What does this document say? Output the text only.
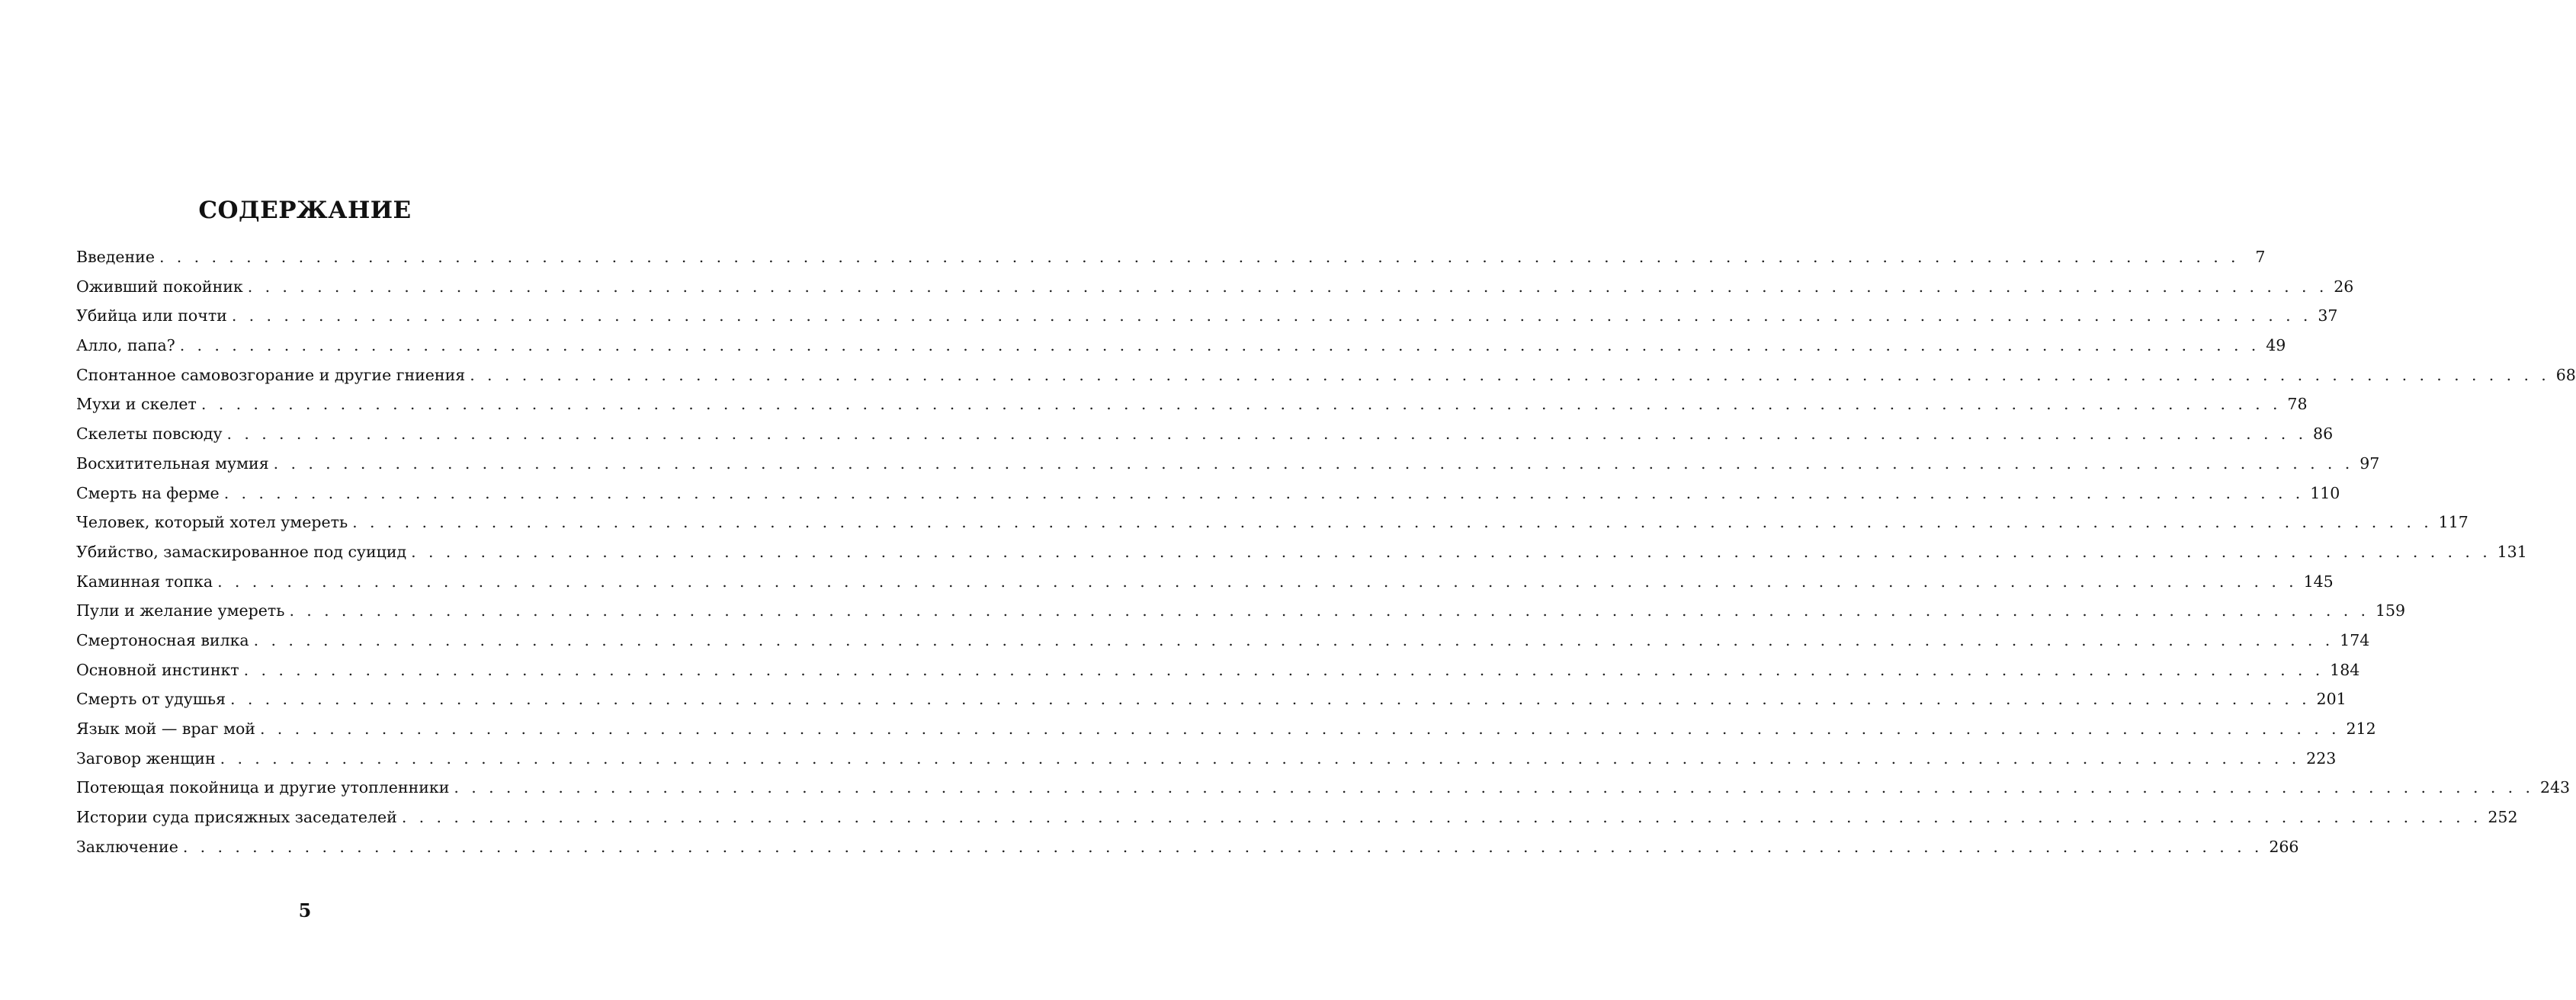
СОДЕРЖАНИЕ
Введение . . . . . . . . . . . . . . . . . . . . . . . . . . . . . . . . . . . . . . . . . . . . . . . . . . . . . . . . . . . . . . . . . . . . . . . . . . . . . . . . . . . . . . . . . . . . . . . . . . . . . . . . . . . . . . . . . . . . . . . .	7
Оживший покойник . . . . . . . . . . . . . . . . . . . . . . . . . . . . . . . . . . . . . . . . . . . . . . . . . . . . . . . . . . . . . . . . . . . . . . . . . . . . . . . . . . . . . . . . . . . . . . . . . . . . . . . . . . . . . . . . . . . . . . . . 26
Убийца или почти . . . . . . . . . . . . . . . . . . . . . . . . . . . . . . . . . . . . . . . . . . . . . . . . . . . . . . . . . . . . . . . . . . . . . . . . . . . . . . . . . . . . . . . . . . . . . . . . . . . . . . . . . . . . . . . . . . . . . . . . 37
Алло, папа? . . . . . . . . . . . . . . . . . . . . . . . . . . . . . . . . . . . . . . . . . . . . . . . . . . . . . . . . . . . . . . . . . . . . . . . . . . . . . . . . . . . . . . . . . . . . . . . . . . . . . . . . . . . . . . . . . . . . . . . . 49
Спонтанное самовозгорание и другие гниения . . . . . . . . . . . . . . . . . . . . . . . . . . . . . . . . . . . . . . . . . . . . . . . . . . . . . . . . . . . . . . . . . . . . . . . . . . . . . . . . . . . . . . . . . . . . . . . . . . . . . . . . . . . . . . . . . . . . . . . . 68
Мухи и скелет . . . . . . . . . . . . . . . . . . . . . . . . . . . . . . . . . . . . . . . . . . . . . . . . . . . . . . . . . . . . . . . . . . . . . . . . . . . . . . . . . . . . . . . . . . . . . . . . . . . . . . . . . . . . . . . . . . . . . . . . 78
Скелеты повсюду . . . . . . . . . . . . . . . . . . . . . . . . . . . . . . . . . . . . . . . . . . . . . . . . . . . . . . . . . . . . . . . . . . . . . . . . . . . . . . . . . . . . . . . . . . . . . . . . . . . . . . . . . . . . . . . . . . . . . . . . 86
Восхитительная мумия . . . . . . . . . . . . . . . . . . . . . . . . . . . . . . . . . . . . . . . . . . . . . . . . . . . . . . . . . . . . . . . . . . . . . . . . . . . . . . . . . . . . . . . . . . . . . . . . . . . . . . . . . . . . . . . . . . . . . . . . 97
Смерть на ферме . . . . . . . . . . . . . . . . . . . . . . . . . . . . . . . . . . . . . . . . . . . . . . . . . . . . . . . . . . . . . . . . . . . . . . . . . . . . . . . . . . . . . . . . . . . . . . . . . . . . . . . . . . . . . . . . . . . . . . . . 110
Человек, который хотел умереть . . . . . . . . . . . . . . . . . . . . . . . . . . . . . . . . . . . . . . . . . . . . . . . . . . . . . . . . . . . . . . . . . . . . . . . . . . . . . . . . . . . . . . . . . . . . . . . . . . . . . . . . . . . . . . . . . . . . . . . . 117
Убийство, замаскированное под суицид . . . . . . . . . . . . . . . . . . . . . . . . . . . . . . . . . . . . . . . . . . . . . . . . . . . . . . . . . . . . . . . . . . . . . . . . . . . . . . . . . . . . . . . . . . . . . . . . . . . . . . . . . . . . . . . . . . . . . . . . 131
Каминная топка . . . . . . . . . . . . . . . . . . . . . . . . . . . . . . . . . . . . . . . . . . . . . . . . . . . . . . . . . . . . . . . . . . . . . . . . . . . . . . . . . . . . . . . . . . . . . . . . . . . . . . . . . . . . . . . . . . . . . . . . 145
Пули и желание умереть . . . . . . . . . . . . . . . . . . . . . . . . . . . . . . . . . . . . . . . . . . . . . . . . . . . . . . . . . . . . . . . . . . . . . . . . . . . . . . . . . . . . . . . . . . . . . . . . . . . . . . . . . . . . . . . . . . . . . . . . 159
Смертоносная вилка . . . . . . . . . . . . . . . . . . . . . . . . . . . . . . . . . . . . . . . . . . . . . . . . . . . . . . . . . . . . . . . . . . . . . . . . . . . . . . . . . . . . . . . . . . . . . . . . . . . . . . . . . . . . . . . . . . . . . . . . 174
Основной инстинкт . . . . . . . . . . . . . . . . . . . . . . . . . . . . . . . . . . . . . . . . . . . . . . . . . . . . . . . . . . . . . . . . . . . . . . . . . . . . . . . . . . . . . . . . . . . . . . . . . . . . . . . . . . . . . . . . . . . . . . . . 184
Смерть от удушья . . . . . . . . . . . . . . . . . . . . . . . . . . . . . . . . . . . . . . . . . . . . . . . . . . . . . . . . . . . . . . . . . . . . . . . . . . . . . . . . . . . . . . . . . . . . . . . . . . . . . . . . . . . . . . . . . . . . . . . . 201
Язык мой — враг мой . . . . . . . . . . . . . . . . . . . . . . . . . . . . . . . . . . . . . . . . . . . . . . . . . . . . . . . . . . . . . . . . . . . . . . . . . . . . . . . . . . . . . . . . . . . . . . . . . . . . . . . . . . . . . . . . . . . . . . . . 212
Заговор женщин . . . . . . . . . . . . . . . . . . . . . . . . . . . . . . . . . . . . . . . . . . . . . . . . . . . . . . . . . . . . . . . . . . . . . . . . . . . . . . . . . . . . . . . . . . . . . . . . . . . . . . . . . . . . . . . . . . . . . . . . 223
Потеющая покойница и другие утопленники . . . . . . . . . . . . . . . . . . . . . . . . . . . . . . . . . . . . . . . . . . . . . . . . . . . . . . . . . . . . . . . . . . . . . . . . . . . . . . . . . . . . . . . . . . . . . . . . . . . . . . . . . . . . . . . . . . . . . . . . 243
Истории суда присяжных заседателей . . . . . . . . . . . . . . . . . . . . . . . . . . . . . . . . . . . . . . . . . . . . . . . . . . . . . . . . . . . . . . . . . . . . . . . . . . . . . . . . . . . . . . . . . . . . . . . . . . . . . . . . . . . . . . . . . . . . . . . . 252
Заключение . . . . . . . . . . . . . . . . . . . . . . . . . . . . . . . . . . . . . . . . . . . . . . . . . . . . . . . . . . . . . . . . . . . . . . . . . . . . . . . . . . . . . . . . . . . . . . . . . . . . . . . . . . . . . . . . . . . . . . . . 266
5
